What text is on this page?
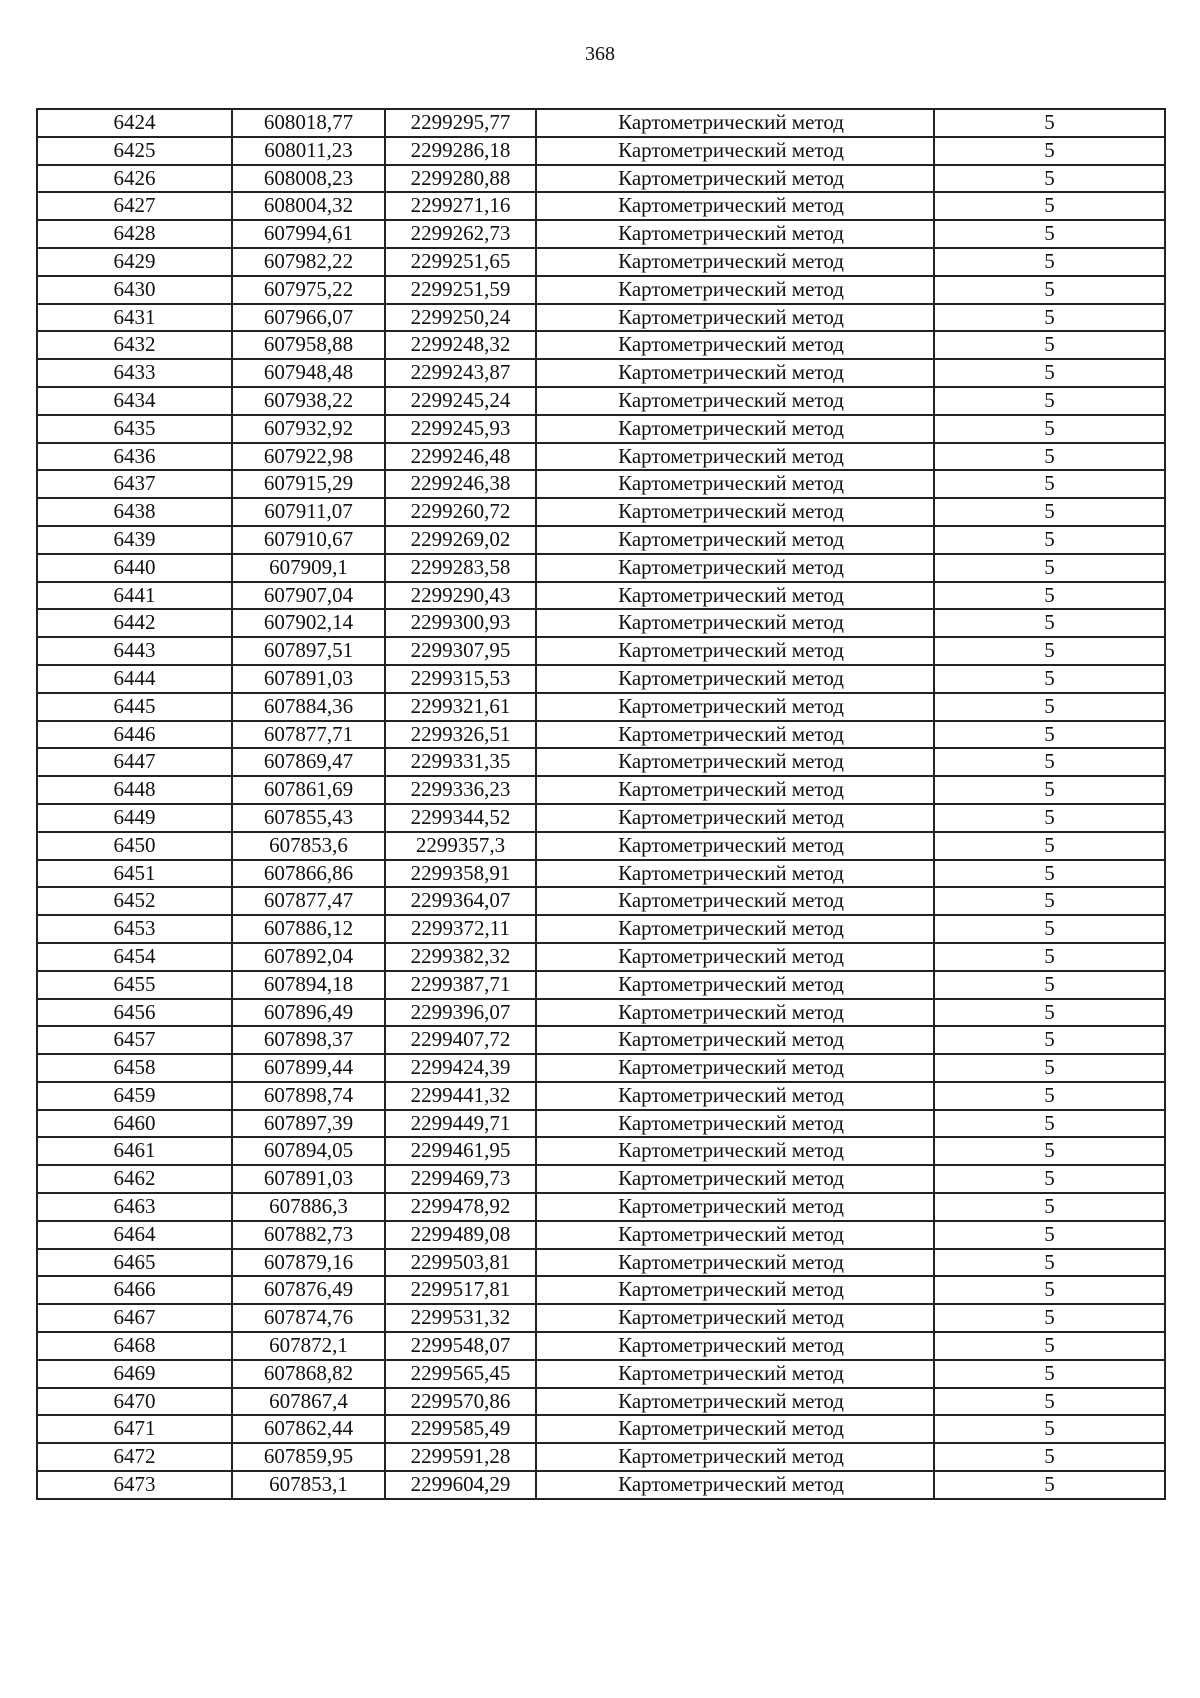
368
6424	608018,77	2299295,77	Картометрический метод	5
6425	608011,23	2299286,18	Картометрический метод	5
6426	608008,23	2299280,88	Картометрический метод	5
6427	608004,32	2299271,16	Картометрический метод	5
6428	607994,61	2299262,73	Картометрический метод	5
6429	607982,22	2299251,65	Картометрический метод	5
6430	607975,22	2299251,59	Картометрический метод	5
6431	607966,07	2299250,24	Картометрический метод	5
6432	607958,88	2299248,32	Картометрический метод	5
6433	607948,48	2299243,87	Картометрический метод	5
6434	607938,22	2299245,24	Картометрический метод	5
6435	607932,92	2299245,93	Картометрический метод	5
6436	607922,98	2299246,48	Картометрический метод	5
6437	607915,29	2299246,38	Картометрический метод	5
6438	607911,07	2299260,72	Картометрический метод	5
6439	607910,67	2299269,02	Картометрический метод	5
6440	607909,1	2299283,58	Картометрический метод	5
6441	607907,04	2299290,43	Картометрический метод	5
6442	607902,14	2299300,93	Картометрический метод	5
6443	607897,51	2299307,95	Картометрический метод	5
6444	607891,03	2299315,53	Картометрический метод	5
6445	607884,36	2299321,61	Картометрический метод	5
6446	607877,71	2299326,51	Картометрический метод	5
6447	607869,47	2299331,35	Картометрический метод	5
6448	607861,69	2299336,23	Картометрический метод	5
6449	607855,43	2299344,52	Картометрический метод	5
6450	607853,6	2299357,3	Картометрический метод	5
6451	607866,86	2299358,91	Картометрический метод	5
6452	607877,47	2299364,07	Картометрический метод	5
6453	607886,12	2299372,11	Картометрический метод	5
6454	607892,04	2299382,32	Картометрический метод	5
6455	607894,18	2299387,71	Картометрический метод	5
6456	607896,49	2299396,07	Картометрический метод	5
6457	607898,37	2299407,72	Картометрический метод	5
6458	607899,44	2299424,39	Картометрический метод	5
6459	607898,74	2299441,32	Картометрический метод	5
6460	607897,39	2299449,71	Картометрический метод	5
6461	607894,05	2299461,95	Картометрический метод	5
6462	607891,03	2299469,73	Картометрический метод	5
6463	607886,3	2299478,92	Картометрический метод	5
6464	607882,73	2299489,08	Картометрический метод	5
6465	607879,16	2299503,81	Картометрический метод	5
6466	607876,49	2299517,81	Картометрический метод	5
6467	607874,76	2299531,32	Картометрический метод	5
6468	607872,1	2299548,07	Картометрический метод	5
6469	607868,82	2299565,45	Картометрический метод	5
6470	607867,4	2299570,86	Картометрический метод	5
6471	607862,44	2299585,49	Картометрический метод	5
6472	607859,95	2299591,28	Картометрический метод	5
6473	607853,1	2299604,29	Картометрический метод	5
